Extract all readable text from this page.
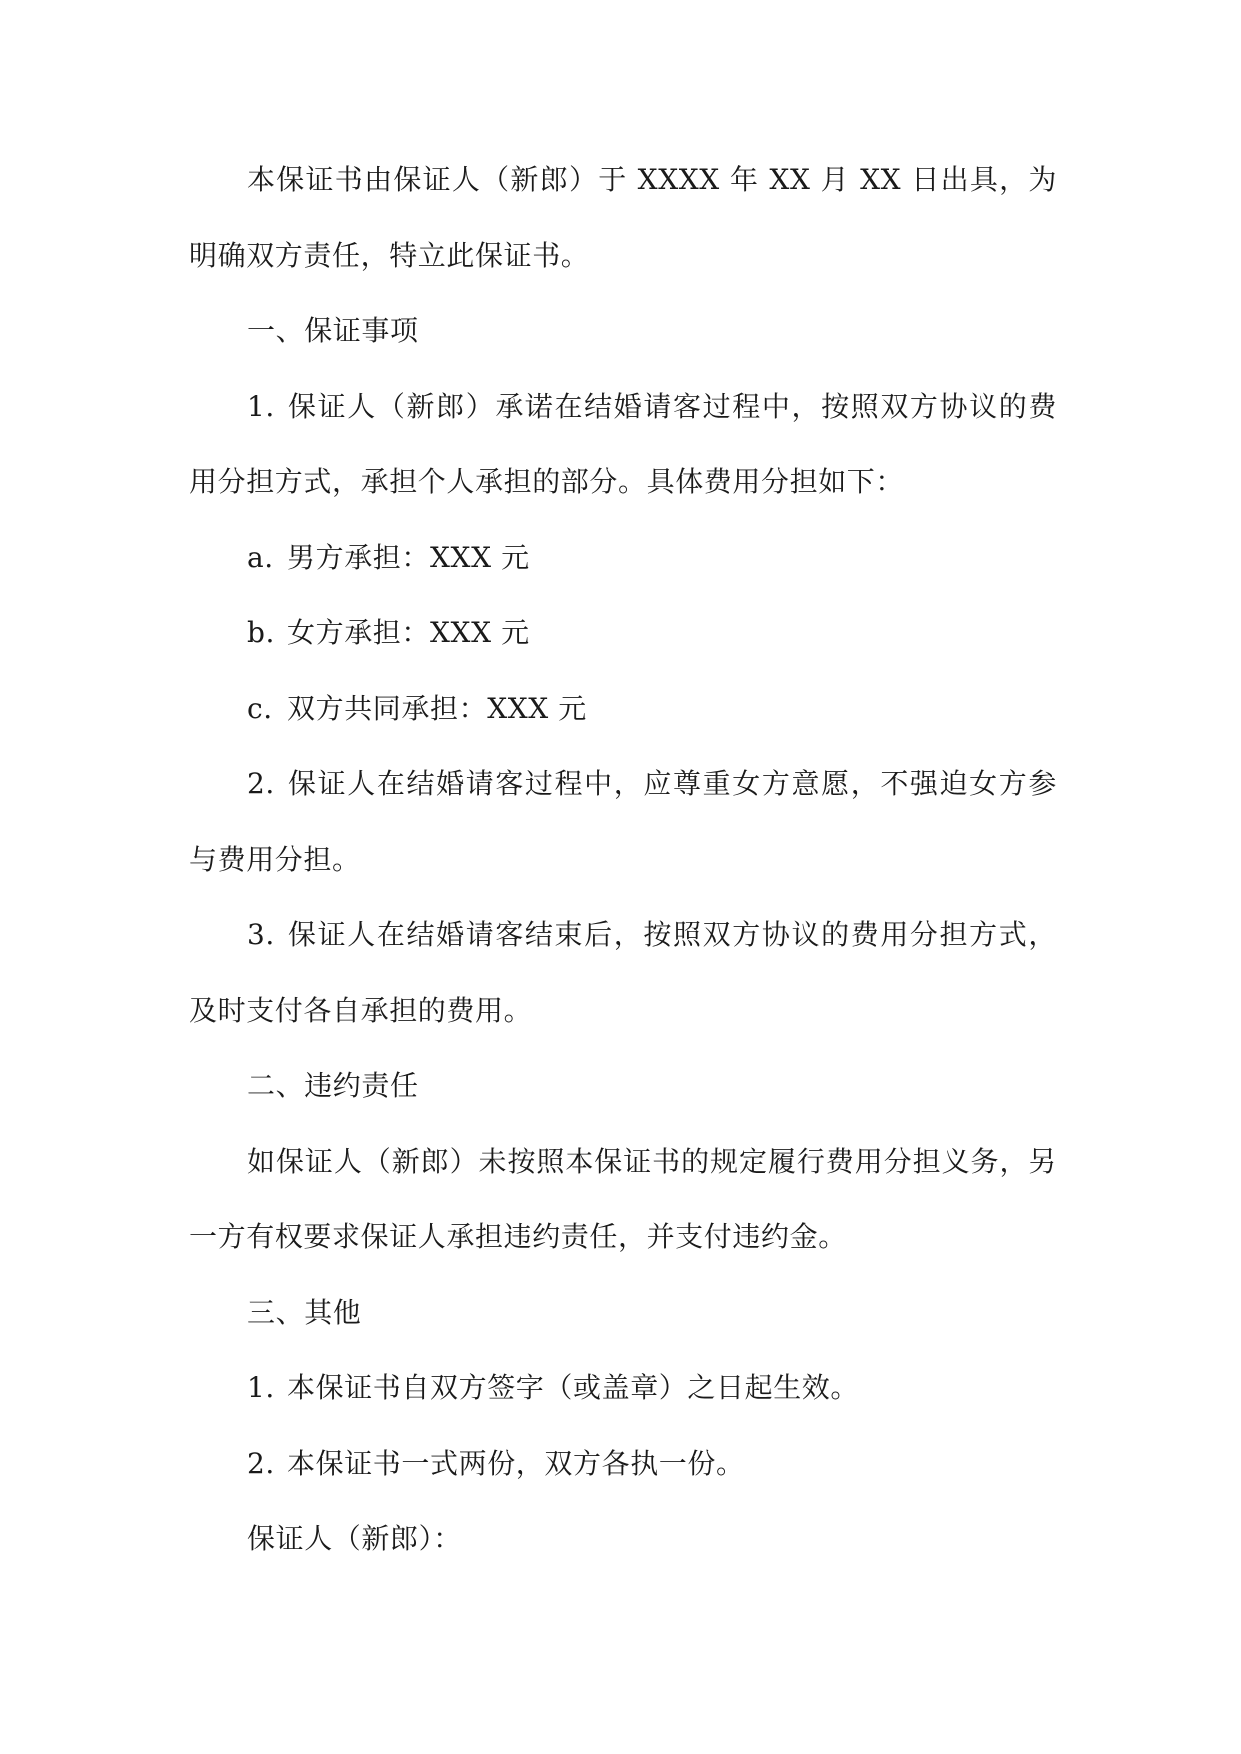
本保证书由保证人（新郎）于 XXXX 年 XX 月 XX 日出具，为明确双方责任，特立此保证书。

一、保证事项

1. 保证人（新郎）承诺在结婚请客过程中，按照双方协议的费用分担方式，承担个人承担的部分。具体费用分担如下：

a. 男方承担：XXX 元

b. 女方承担：XXX 元

c. 双方共同承担：XXX 元

2. 保证人在结婚请客过程中，应尊重女方意愿，不强迫女方参与费用分担。

3. 保证人在结婚请客结束后，按照双方协议的费用分担方式，及时支付各自承担的费用。

二、违约责任

如保证人（新郎）未按照本保证书的规定履行费用分担义务，另一方有权要求保证人承担违约责任，并支付违约金。

三、其他

1. 本保证书自双方签字（或盖章）之日起生效。

2. 本保证书一式两份，双方各执一份。

保证人（新郎）：
